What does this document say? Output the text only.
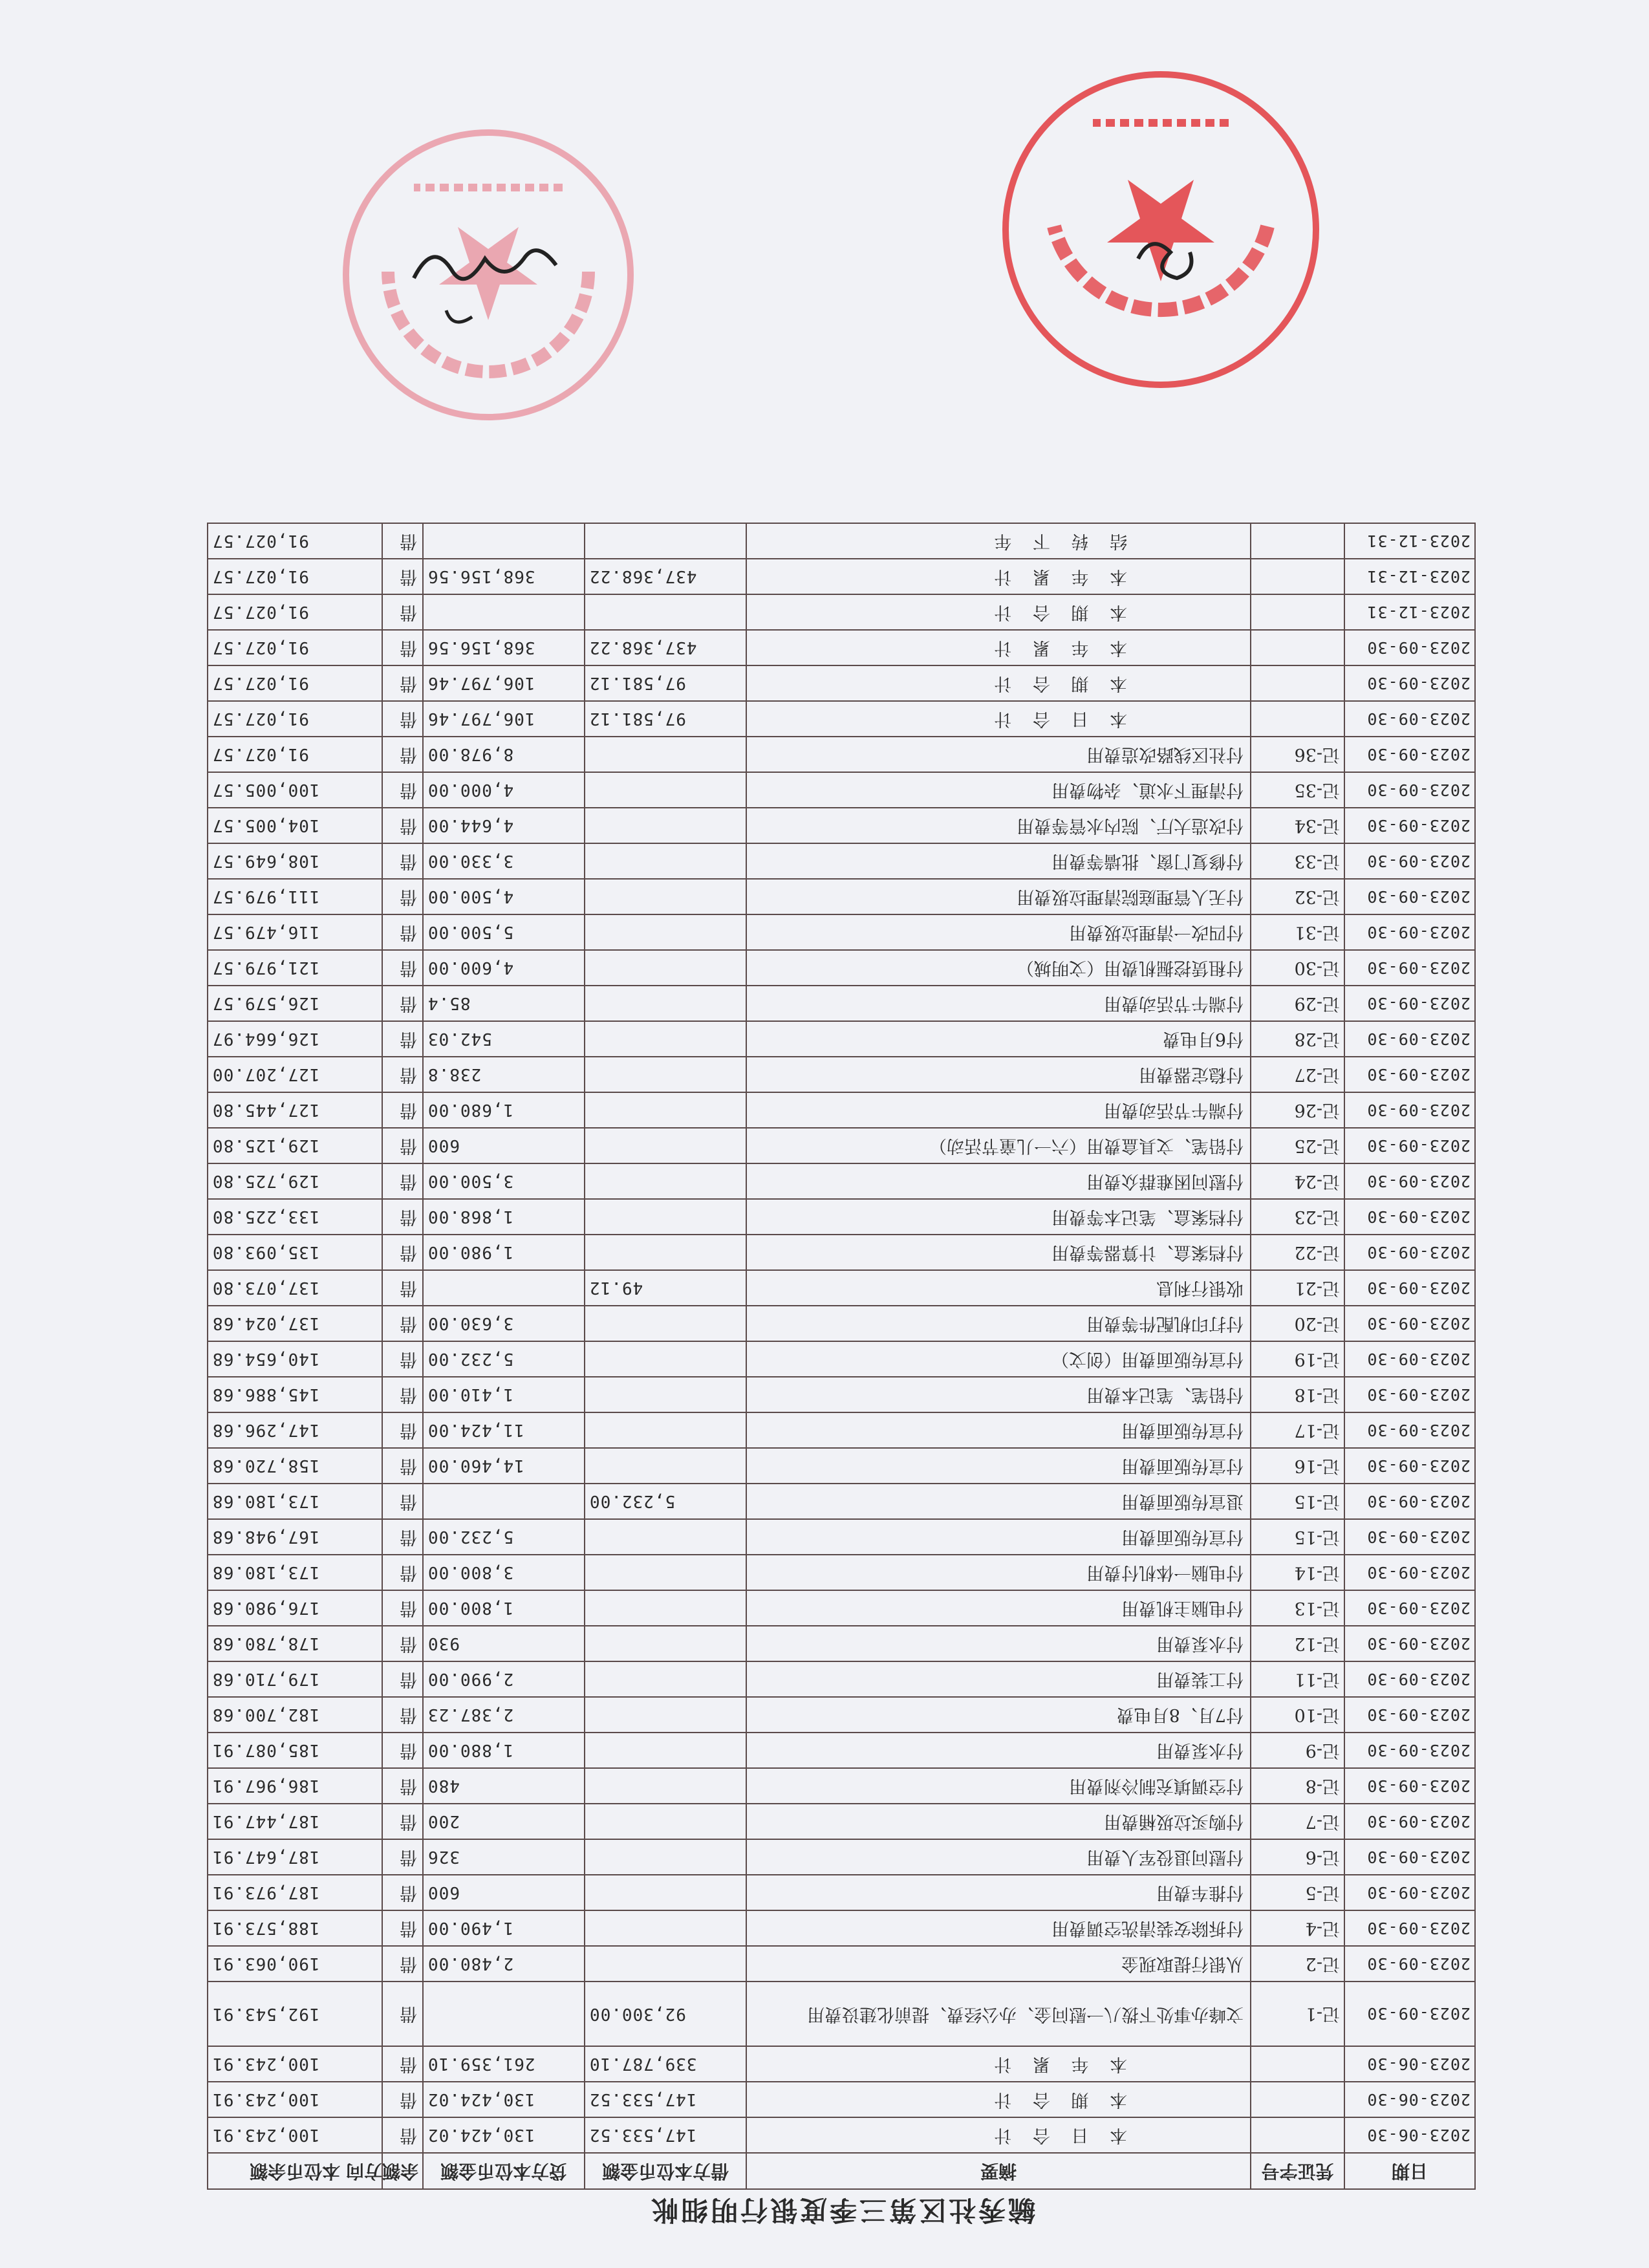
毓秀社区第三季度银行明细帐
日期	凭证字号	摘要	借方本位币金额	贷方本位币金额	余额方向	本位币余额
2023-06-30		本 日 合 计	147,533.52	130,424.02	借	100,243.91
2023-06-30		本 期 合 计	147,533.52	130,424.02	借	100,243.91
2023-06-30		本 年 累 计	339,787.10	261,359.10	借	100,243.91
2023-09-30	记-1	文峰办事处下拨八一慰问金、办公经费、提前化建设费用	92,300.00		借	192,543.91
2023-09-30	记-2	从银行提取现金		2,480.00	借	190,063.91
2023-09-30	记-4	付拆除安装清洗空调费用		1,490.00	借	188,573.91
2023-09-30	记-5	付推车费用		600	借	187,973.91
2023-09-30	记-6	付慰问退役军人费用		326	借	187,647.91
2023-09-30	记-7	付购买垃圾桶费用		200	借	187,447.91
2023-09-30	记-8	付空调填充制冷剂费用		480	借	186,967.91
2023-09-30	记-9	付水泵费用		1,880.00	借	185,087.91
2023-09-30	记-10	付7月、8月电费		2,387.23	借	182,700.68
2023-09-30	记-11	付工装费用		2,990.00	借	179,710.68
2023-09-30	记-12	付水泵费用		930	借	178,780.68
2023-09-30	记-13	付电脑主机费用		1,800.00	借	176,980.68
2023-09-30	记-14	付电脑一体机付费用		3,800.00	借	173,180.68
2023-09-30	记-15	付宣传版面费用		5,232.00	借	167,948.68
2023-09-30	记-15	退宣传版面费用	5,232.00		借	173,180.68
2023-09-30	记-16	付宣传版面费用		14,460.00	借	158,720.68
2023-09-30	记-17	付宣传版面费用		11,424.00	借	147,296.68
2023-09-30	记-18	付铅笔、笔记本费用		1,410.00	借	145,886.68
2023-09-30	记-19	付宣传版面费用（创文）		5,232.00	借	140,654.68
2023-09-30	记-20	付打印机配件等费用		3,630.00	借	137,024.68
2023-09-30	记-21	收银行利息	49.12		借	137,073.80
2023-09-30	记-22	付档案盒、计算器等费用		1,980.00	借	135,093.80
2023-09-30	记-23	付档案盒、笔记本等费用		1,868.00	借	133,225.80
2023-09-30	记-24	付慰问困难群众费用		3,500.00	借	129,725.80
2023-09-30	记-25	付铅笔、文具盒费用（六一儿童节活动）		600	借	129,125.80
2023-09-30	记-26	付端午节活动费用		1,680.00	借	127,445.80
2023-09-30	记-27	付稳定器费用		238.8	借	127,207.00
2023-09-30	记-28	付6月电费		542.03	借	126,664.97
2023-09-30	记-29	付端午节活动费用		85.4	借	126,579.57
2023-09-30	记-30	付租赁挖掘机费用（文明城）		4,600.00	借	121,979.57
2023-09-30	记-31	付四改一清理垃圾费用		5,500.00	借	116,479.57
2023-09-30	记-32	付无人管理庭院清理垃圾费用		4,500.00	借	111,979.57
2023-09-30	记-33	付修复门窗、批墙等费用		3,330.00	借	108,649.57
2023-09-30	记-34	付改造大厅、院内水管等费用		4,644.00	借	104,005.57
2023-09-30	记-35	付清理下水道、杂物费用		4,000.00	借	100,005.57
2023-09-30	记-36	付社区线路改造费用		8,978.00	借	91,027.57
2023-09-30		本 日 合 计	97,581.12	106,797.46	借	91,027.57
2023-09-30		本 期 合 计	97,581.12	106,797.46	借	91,027.57
2023-09-30		本 年 累 计	437,368.22	368,156.56	借	91,027.57
2023-12-31		本 期 合 计			借	91,027.57
2023-12-31		本 年 累 计	437,368.22	368,156.56	借	91,027.57
2023-12-31		结 转 下 年			借	91,027.57
